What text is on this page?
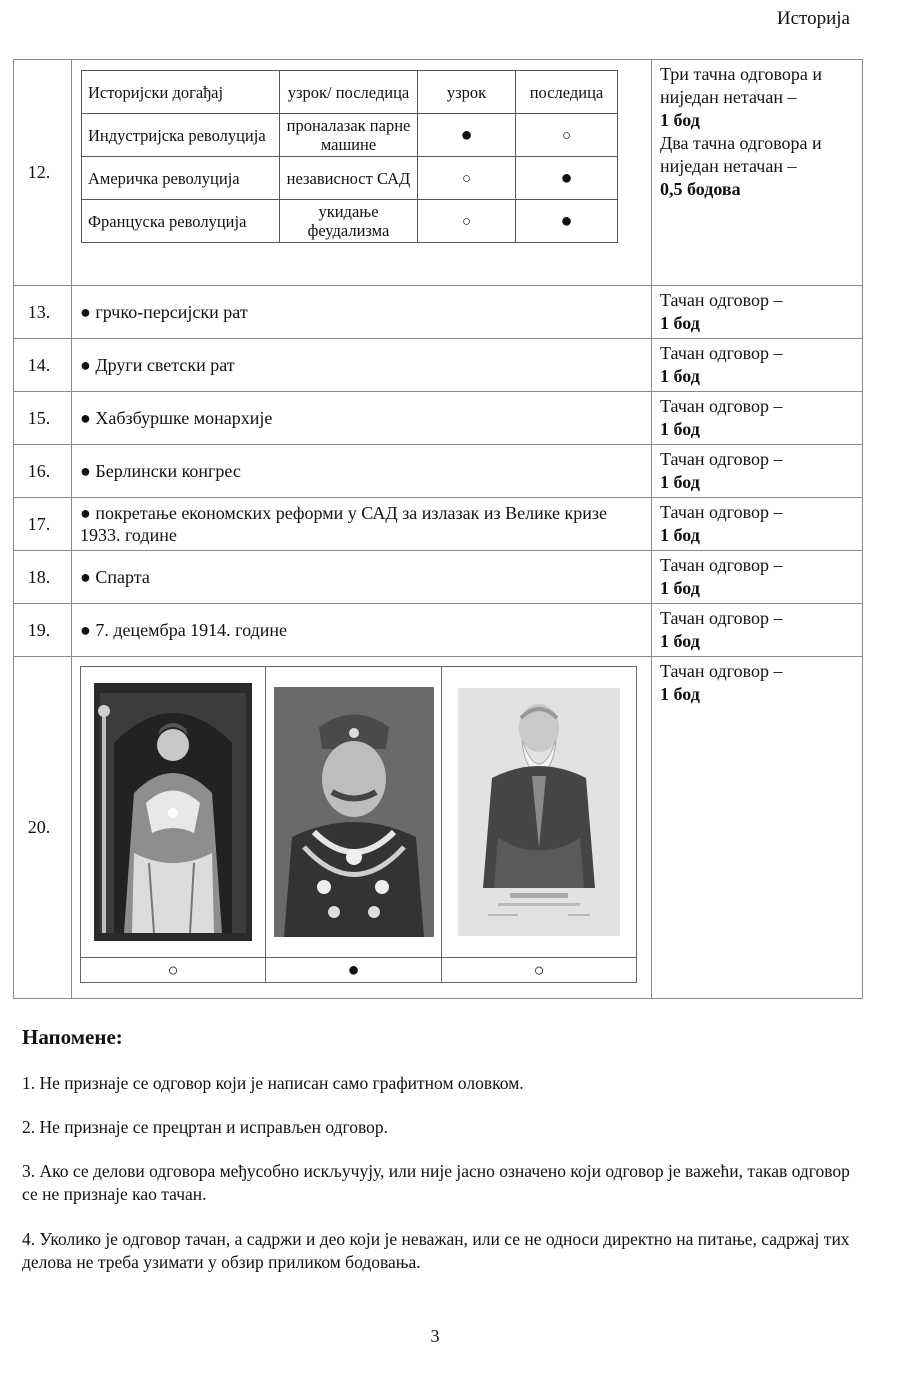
Историја
12.	
Историјски догађај	узрок/ последица	узрок	последица
Индустријска револуција	проналазак парне машине	●	○
Америчка револуција	независност САД	○	●
Француска револуција	укидање феудализма	○	●

Три тачна одговора и
ниједан нетачан –
1 бод
Два тачна одговора и
ниједан нетачан –
0,5 бодова

13.	● грчко-персијски рат	
Тачан одговор –
1 бод
14.	● Други светски рат	
Тачан одговор –
1 бод
15.	● Хабзбуршке монархије	
Тачан одговор –
1 бод
16.	● Берлински конгрес	
Тачан одговор –
1 бод
17.	● покретање економских реформи у САД за излазак из Велике кризе 1933. године	
Тачан одговор –
1 бод
18.	● Спарта	
Тачан одговор –
1 бод
19.	● 7. децембра 1914. године	
Тачан одговор –
1 бод
20.	

○	●	○

Тачан одговор –
1 бод
Напомене:
1. Не признаје се одговор који је написан само графитном оловком.
2. Не признаје се прецртан и исправљен одговор.
3. Ако се делови одговора међусобно искључују, или није јасно означено који одговор је важећи, такав одговор се не признаје као тачан.
4. Уколико је одговор тачан, а садржи и део који је неважан, или се не односи директно на питање, садржај тих делова не треба узимати у обзир приликом бодовања.
3
